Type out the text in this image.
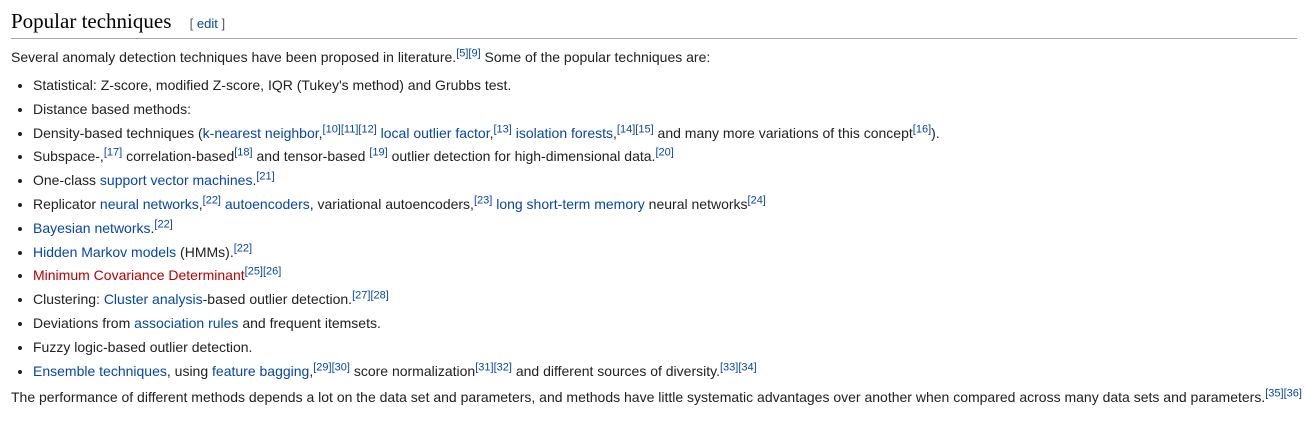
Popular techniques [ edit ]

Several anomaly detection techniques have been proposed in literature.[5][9] Some of the popular techniques are:

• Statistical: Z-score, modified Z-score, IQR (Tukey's method) and Grubbs test.
• Distance based methods:
• Density-based techniques (k-nearest neighbor,[10][11][12] local outlier factor,[13] isolation forests,[14][15] and many more variations of this concept[16]).
• Subspace-,[17] correlation-based[18] and tensor-based [19] outlier detection for high-dimensional data.[20]
• One-class support vector machines.[21]
• Replicator neural networks,[22] autoencoders, variational autoencoders,[23] long short-term memory neural networks[24]
• Bayesian networks.[22]
• Hidden Markov models (HMMs).[22]
• Minimum Covariance Determinant[25][26]
• Clustering: Cluster analysis-based outlier detection.[27][28]
• Deviations from association rules and frequent itemsets.
• Fuzzy logic-based outlier detection.
• Ensemble techniques, using feature bagging,[29][30] score normalization[31][32] and different sources of diversity.[33][34]

The performance of different methods depends a lot on the data set and parameters, and methods have little systematic advantages over another when compared across many data sets and parameters.[35][36]
